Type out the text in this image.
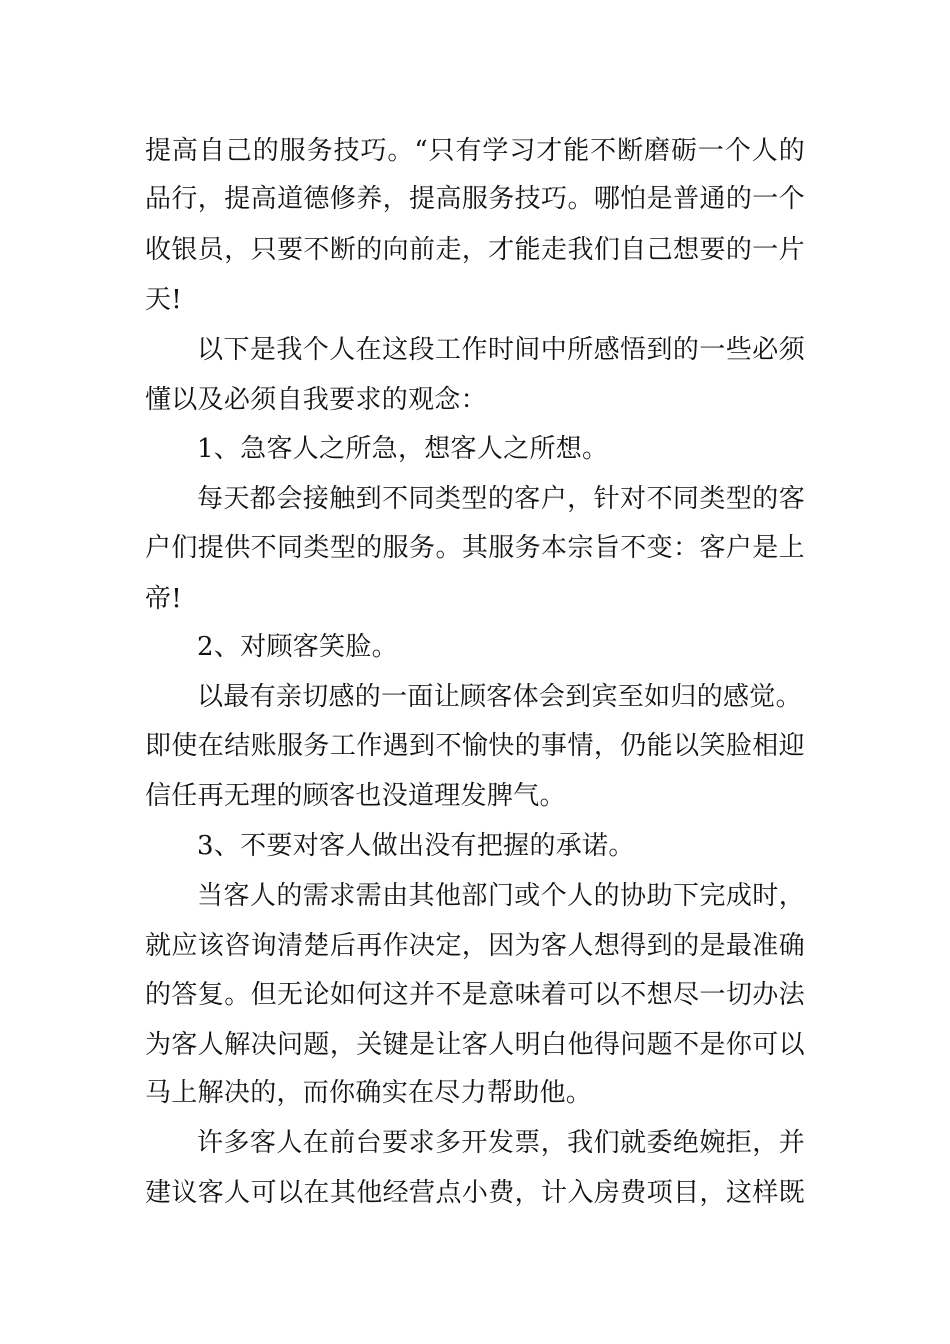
提高自己的服务技巧。“只有学习才能不断磨砺一个人的
品行，提高道德修养，提高服务技巧。哪怕是普通的一个
收银员，只要不断的向前走，才能走我们自己想要的一片
天!
以下是我个人在这段工作时间中所感悟到的一些必须
懂以及必须自我要求的观念：
1、急客人之所急，想客人之所想。
每天都会接触到不同类型的客户，针对不同类型的客
户们提供不同类型的服务。其服务本宗旨不变：客户是上
帝!
2、对顾客笑脸。
以最有亲切感的一面让顾客体会到宾至如归的感觉。
即使在结账服务工作遇到不愉快的事情，仍能以笑脸相迎
信任再无理的顾客也没道理发脾气。
3、不要对客人做出没有把握的承诺。
当客人的需求需由其他部门或个人的协助下完成时，
就应该咨询清楚后再作决定，因为客人想得到的是最准确
的答复。但无论如何这并不是意味着可以不想尽一切办法
为客人解决问题，关键是让客人明白他得问题不是你可以
马上解决的，而你确实在尽力帮助他。
许多客人在前台要求多开发票，我们就委绝婉拒，并
建议客人可以在其他经营点小费，计入房费项目，这样既
